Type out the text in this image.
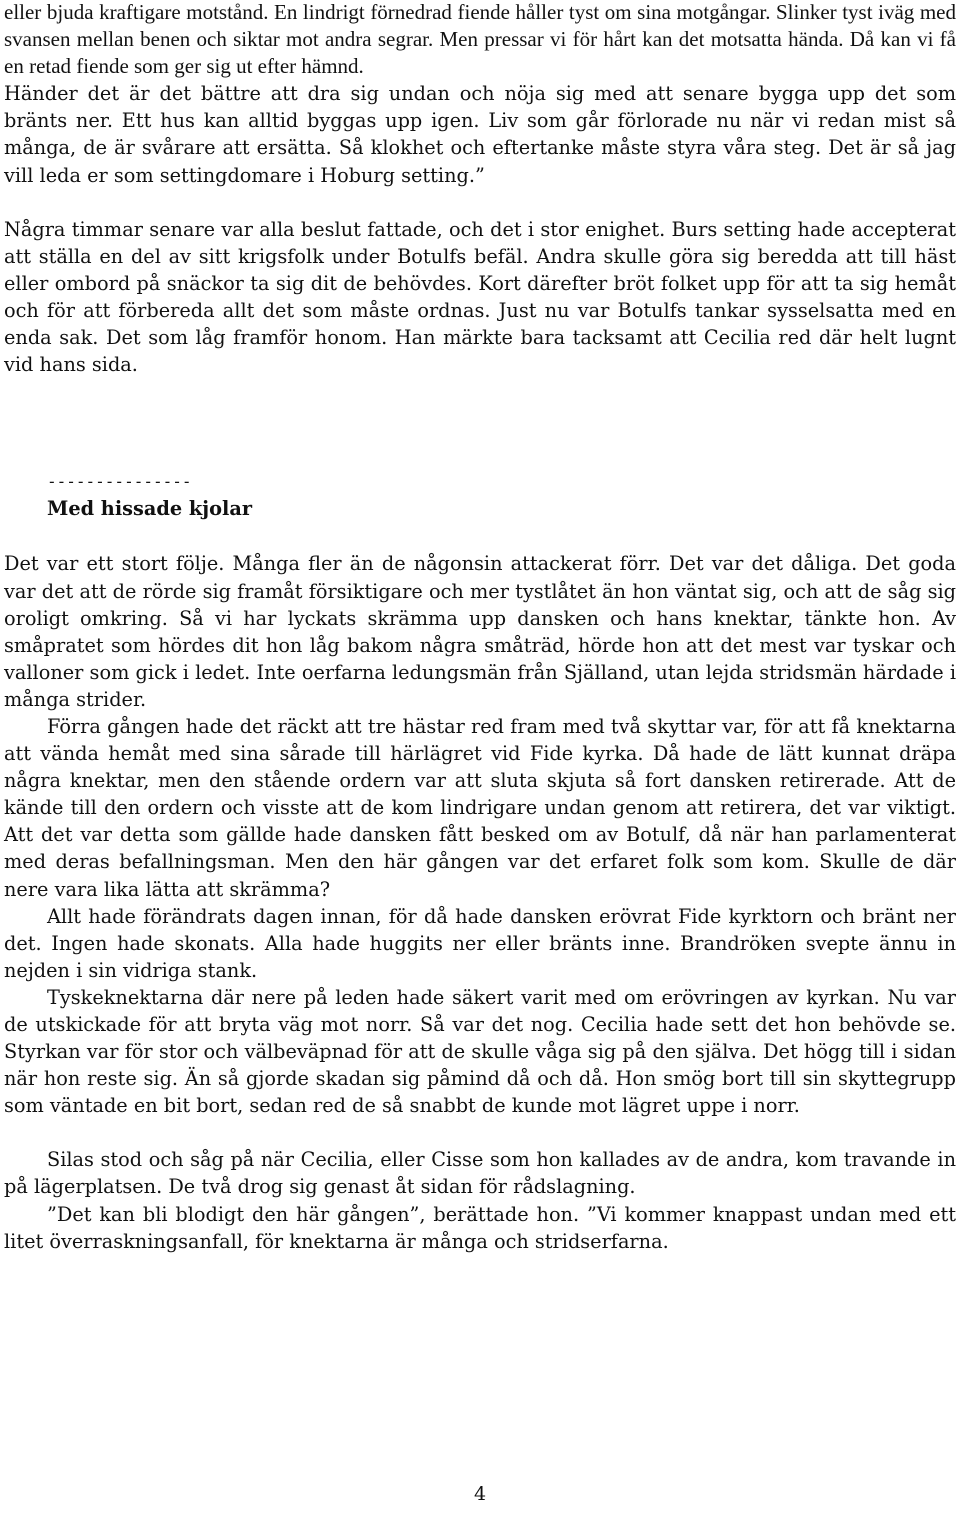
eller bjuda kraftigare motstånd. En lindrigt förnedrad fiende håller tyst om sina motgångar. Slinker tyst iväg med svansen mellan benen och siktar mot andra segrar. Men pressar vi för hårt kan det motsatta hända. Då kan vi få en retad fiende som ger sig ut efter hämnd.

Händer det är det bättre att dra sig undan och nöja sig med att senare bygga upp det som bränts ner. Ett hus kan alltid byggas upp igen. Liv som går förlorade nu när vi redan mist så många, de är svårare att ersätta. Så klokhet och eftertanke måste styra våra steg. Det är så jag vill leda er som settingdomare i Hoburg setting.”

Några timmar senare var alla beslut fattade, och det i stor enighet. Burs setting hade accepterat att ställa en del av sitt krigsfolk under Botulfs befäl. Andra skulle göra sig beredda att till häst eller ombord på snäckor ta sig dit de behövdes. Kort därefter bröt folket upp för att ta sig hemåt och för att förbereda allt det som måste ordnas. Just nu var Botulfs tankar sysselsatta med en enda sak. Det som låg framför honom. Han märkte bara tacksamt att Cecilia red där helt lugnt vid hans sida.

---------------
Med hissade kjolar

Det var ett stort följe. Många fler än de någonsin attackerat förr. Det var det dåliga. Det goda var det att de rörde sig framåt försiktigare och mer tystlåtet än hon väntat sig, och att de såg sig oroligt omkring. Så vi har lyckats skrämma upp dansken och hans knektar, tänkte hon. Av småpratet som hördes dit hon låg bakom några småträd, hörde hon att det mest var tyskar och valloner som gick i ledet. Inte oerfarna ledungsmän från Själland, utan lejda stridsmän härdade i många strider.

Förra gången hade det räckt att tre hästar red fram med två skyttar var, för att få knektarna att vända hemåt med sina sårade till härlägret vid Fide kyrka. Då hade de lätt kunnat dräpa några knektar, men den stående ordern var att sluta skjuta så fort dansken retirerade. Att de kände till den ordern och visste att de kom lindrigare undan genom att retirera, det var viktigt. Att det var detta som gällde hade dansken fått besked om av Botulf, då när han parlamenterat med deras befallningsman. Men den här gången var det erfaret folk som kom. Skulle de där nere vara lika lätta att skrämma?

Allt hade förändrats dagen innan, för då hade dansken erövrat Fide kyrktorn och bränt ner det. Ingen hade skonats. Alla hade huggits ner eller bränts inne. Brandröken svepte ännu in nejden i sin vidriga stank.

Tyskeknektarna där nere på leden hade säkert varit med om erövringen av kyrkan. Nu var de utskickade för att bryta väg mot norr. Så var det nog. Cecilia hade sett det hon behövde se. Styrkan var för stor och välbeväpnad för att de skulle våga sig på den själva. Det högg till i sidan när hon reste sig. Än så gjorde skadan sig påmind då och då. Hon smög bort till sin skyttegrupp som väntade en bit bort, sedan red de så snabbt de kunde mot lägret uppe i norr.

Silas stod och såg på när Cecilia, eller Cisse som hon kallades av de andra, kom travande in på lägerplatsen. De två drog sig genast åt sidan för rådslagning.

”Det kan bli blodigt den här gången”, berättade hon. ”Vi kommer knappast undan med ett litet överraskningsanfall, för knektarna är många och stridserfarna.

4
